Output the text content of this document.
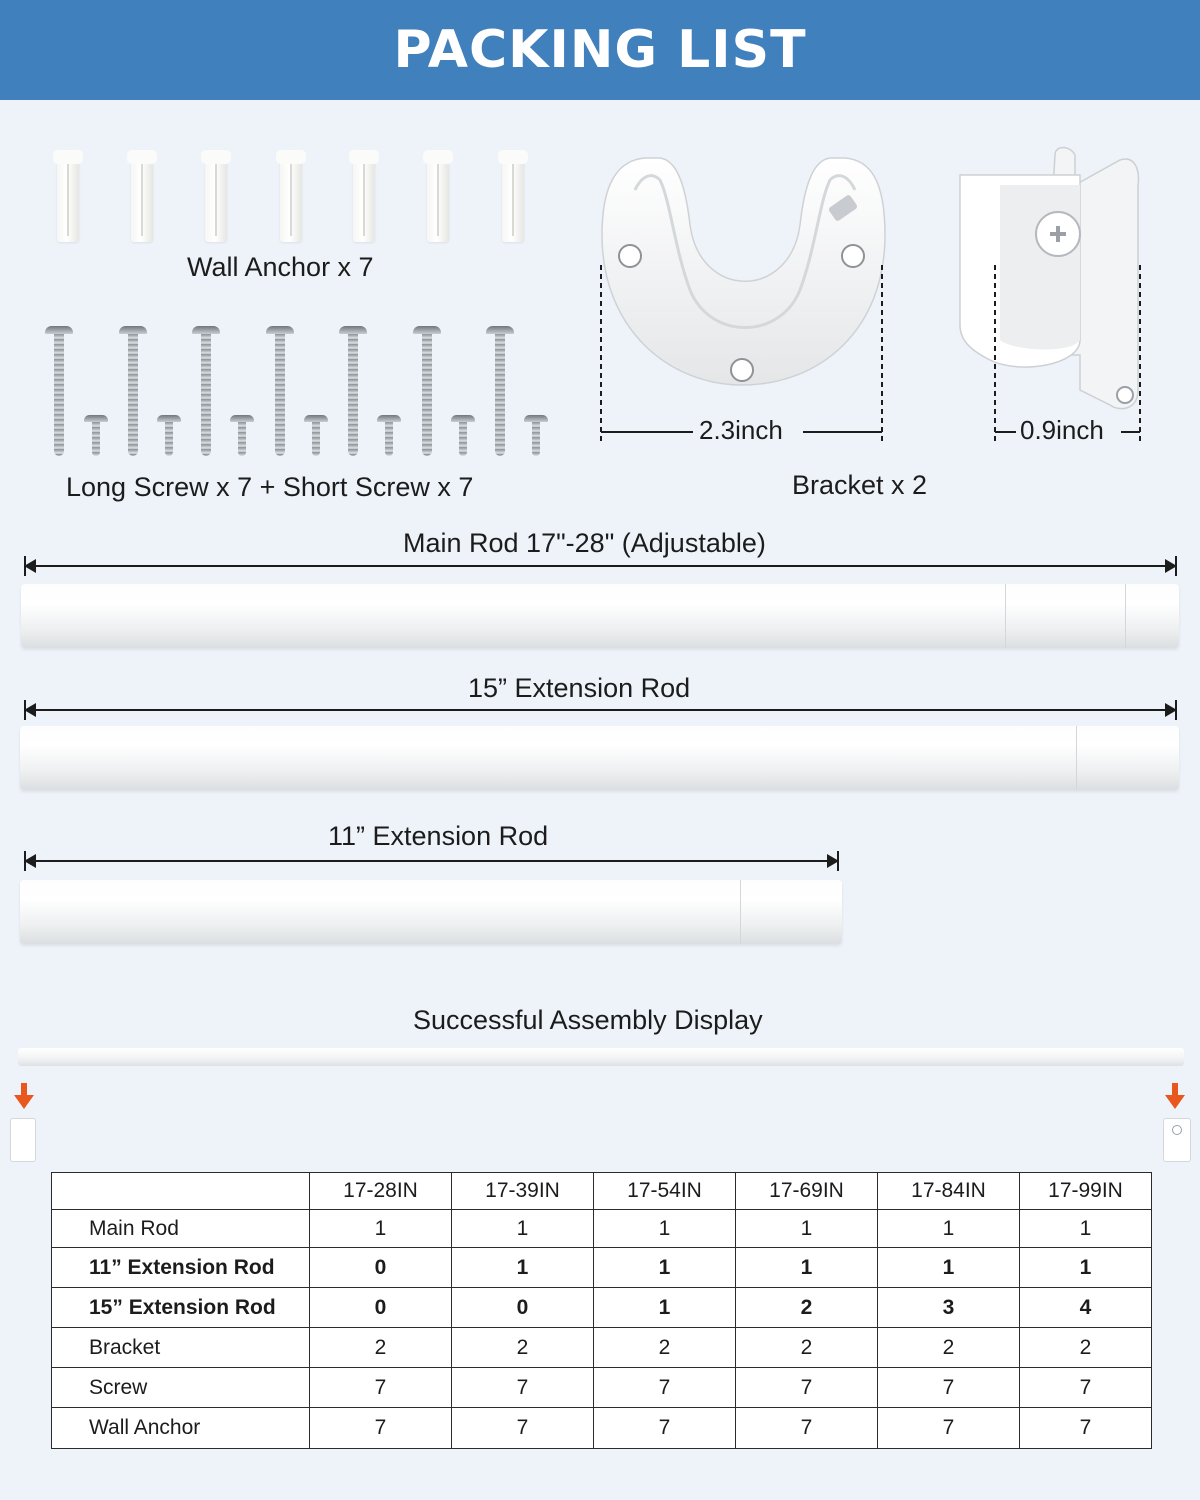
PACKING LIST
Wall Anchor x 7
Long Screw x 7 + Short Screw x 7
2.3inch	0.9inch
Bracket x 2
Main Rod 17"-28" (Adjustable)
15” Extension Rod
11” Extension Rod
Successful Assembly Display
	17-28IN	17-39IN	17-54IN	17-69IN	17-84IN	17-99IN
Main Rod	1	1	1	1	1	1
11” Extension Rod	0	1	1	1	1	1
15” Extension Rod	0	0	1	2	3	4
Bracket	2	2	2	2	2	2
Screw	7	7	7	7	7	7
Wall Anchor	7	7	7	7	7	7
